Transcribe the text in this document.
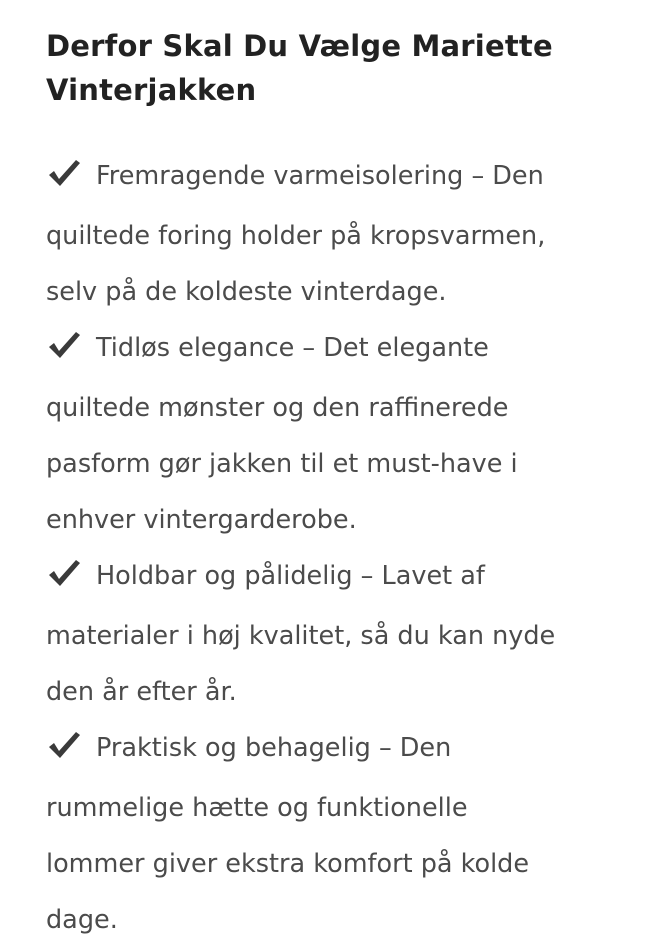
Derfor Skal Du Vælge Mariette
Vinterjakken
Fremragende varmeisolering – Den
quiltede foring holder på kropsvarmen,
selv på de koldeste vinterdage.
Tidløs elegance – Det elegante
quiltede mønster og den raffinerede
pasform gør jakken til et must-have i
enhver vintergarderobe.
Holdbar og pålidelig – Lavet af
materialer i høj kvalitet, så du kan nyde
den år efter år.
Praktisk og behagelig – Den
rummelige hætte og funktionelle
lommer giver ekstra komfort på kolde
dage.
